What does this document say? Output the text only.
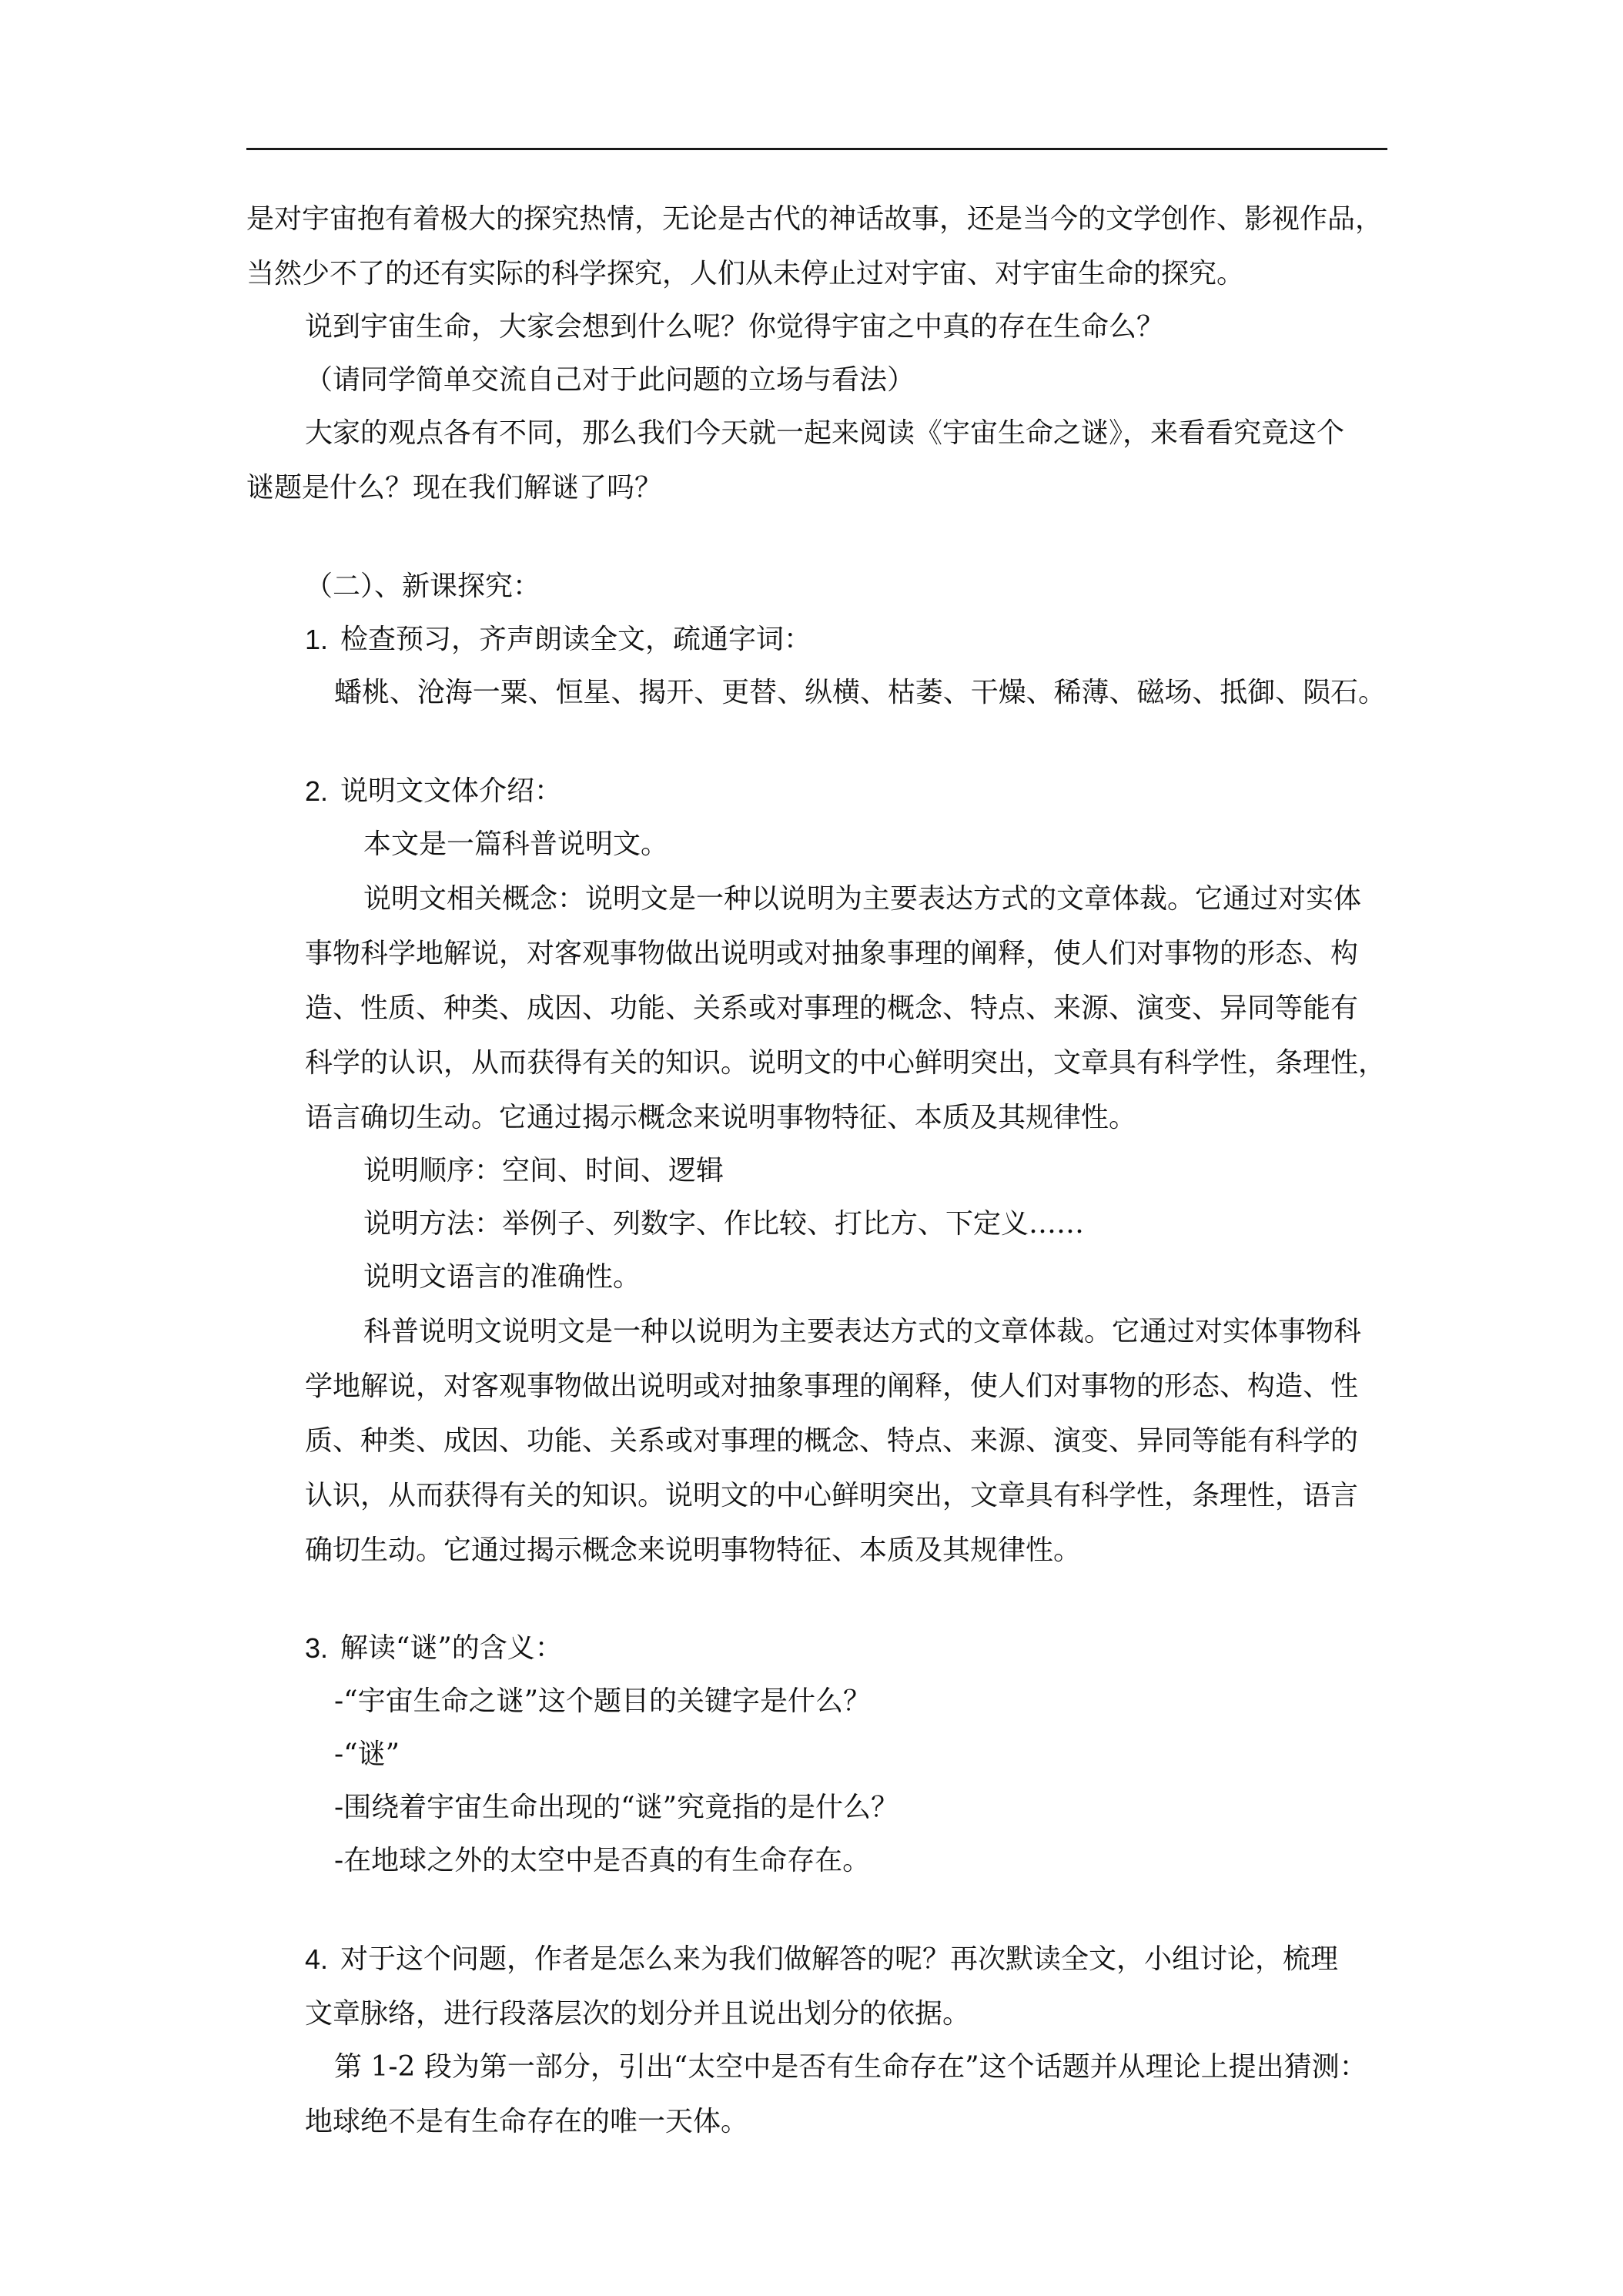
是对宇宙抱有着极大的探究热情，无论是古代的神话故事，还是当今的文学创作、影视作品，
当然少不了的还有实际的科学探究，人们从未停止过对宇宙、对宇宙生命的探究。
说到宇宙生命，大家会想到什么呢？你觉得宇宙之中真的存在生命么？
（请同学简单交流自己对于此问题的立场与看法）
大家的观点各有不同，那么我们今天就一起来阅读《宇宙生命之谜》，来看看究竟这个
谜题是什么？现在我们解谜了吗？
（二）、新课探究：
1. 检查预习，齐声朗读全文，疏通字词：
蟠桃、沧海一粟、恒星、揭开、更替、纵横、枯萎、干燥、稀薄、磁场、抵御、陨石。
2. 说明文文体介绍：
本文是一篇科普说明文。
说明文相关概念：说明文是一种以说明为主要表达方式的文章体裁。它通过对实体
事物科学地解说，对客观事物做出说明或对抽象事理的阐释，使人们对事物的形态、构
造、性质、种类、成因、功能、关系或对事理的概念、特点、来源、演变、异同等能有
科学的认识，从而获得有关的知识。说明文的中心鲜明突出，文章具有科学性，条理性，
语言确切生动。它通过揭示概念来说明事物特征、本质及其规律性。
说明顺序：空间、时间、逻辑
说明方法：举例子、列数字、作比较、打比方、下定义……
说明文语言的准确性。
科普说明文说明文是一种以说明为主要表达方式的文章体裁。它通过对实体事物科
学地解说，对客观事物做出说明或对抽象事理的阐释，使人们对事物的形态、构造、性
质、种类、成因、功能、关系或对事理的概念、特点、来源、演变、异同等能有科学的
认识，从而获得有关的知识。说明文的中心鲜明突出，文章具有科学性，条理性，语言
确切生动。它通过揭示概念来说明事物特征、本质及其规律性。
3. 解读“谜”的含义：
-“宇宙生命之谜”这个题目的关键字是什么？
-“谜”
-围绕着宇宙生命出现的“谜”究竟指的是什么？
-在地球之外的太空中是否真的有生命存在。
4. 对于这个问题，作者是怎么来为我们做解答的呢？再次默读全文，小组讨论，梳理
文章脉络，进行段落层次的划分并且说出划分的依据。
第 1-2 段为第一部分，引出“太空中是否有生命存在”这个话题并从理论上提出猜测：
地球绝不是有生命存在的唯一天体。
